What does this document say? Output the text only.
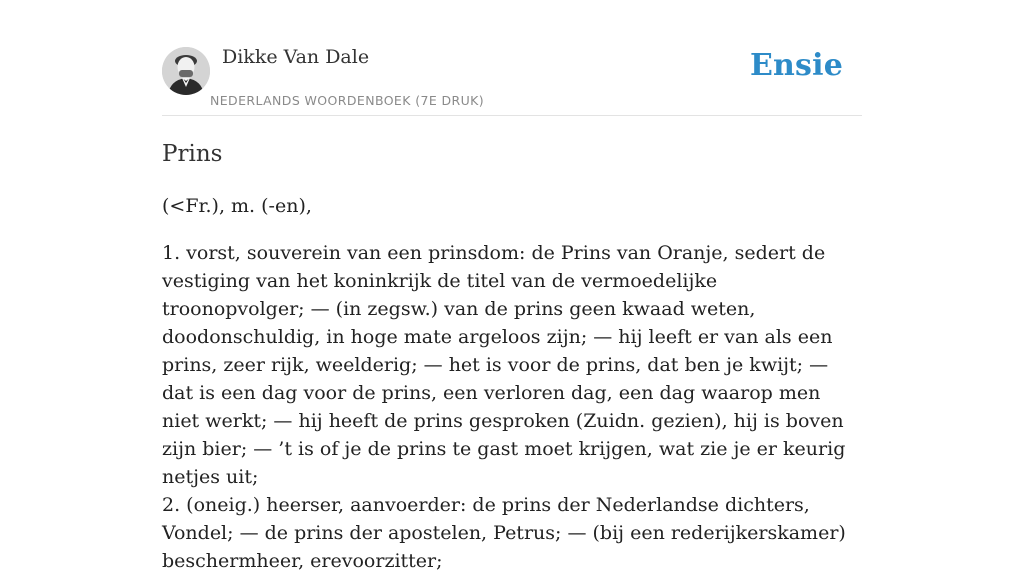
Dikke Van Dale
NEDERLANDS WOORDENBOEK (7E DRUK)
Ensie
Prins
(<Fr.), m. (-en),

1. vorst, souverein van een prinsdom: de Prins van Oranje, sedert de vestiging van het koninkrijk de titel van de vermoedelijke troonopvolger; — (in zegsw.) van de prins geen kwaad weten, doodonschuldig, in hoge mate argeloos zijn; — hij leeft er van als een prins, zeer rijk, weelderig; — het is voor de prins, dat ben je kwijt; — dat is een dag voor de prins, een verloren dag, een dag waarop men niet werkt; — hij heeft de prins gesproken (Zuidn. gezien), hij is boven zijn bier; — ’t is of je de prins te gast moet krijgen, wat zie je er keurig netjes uit;

2. (oneig.) heerser, aanvoerder: de prins der Nederlandse dichters, Vondel; — de prins der apostelen, Petrus; — (bij een rederijkerskamer) beschermheer, erevoorzitter;
